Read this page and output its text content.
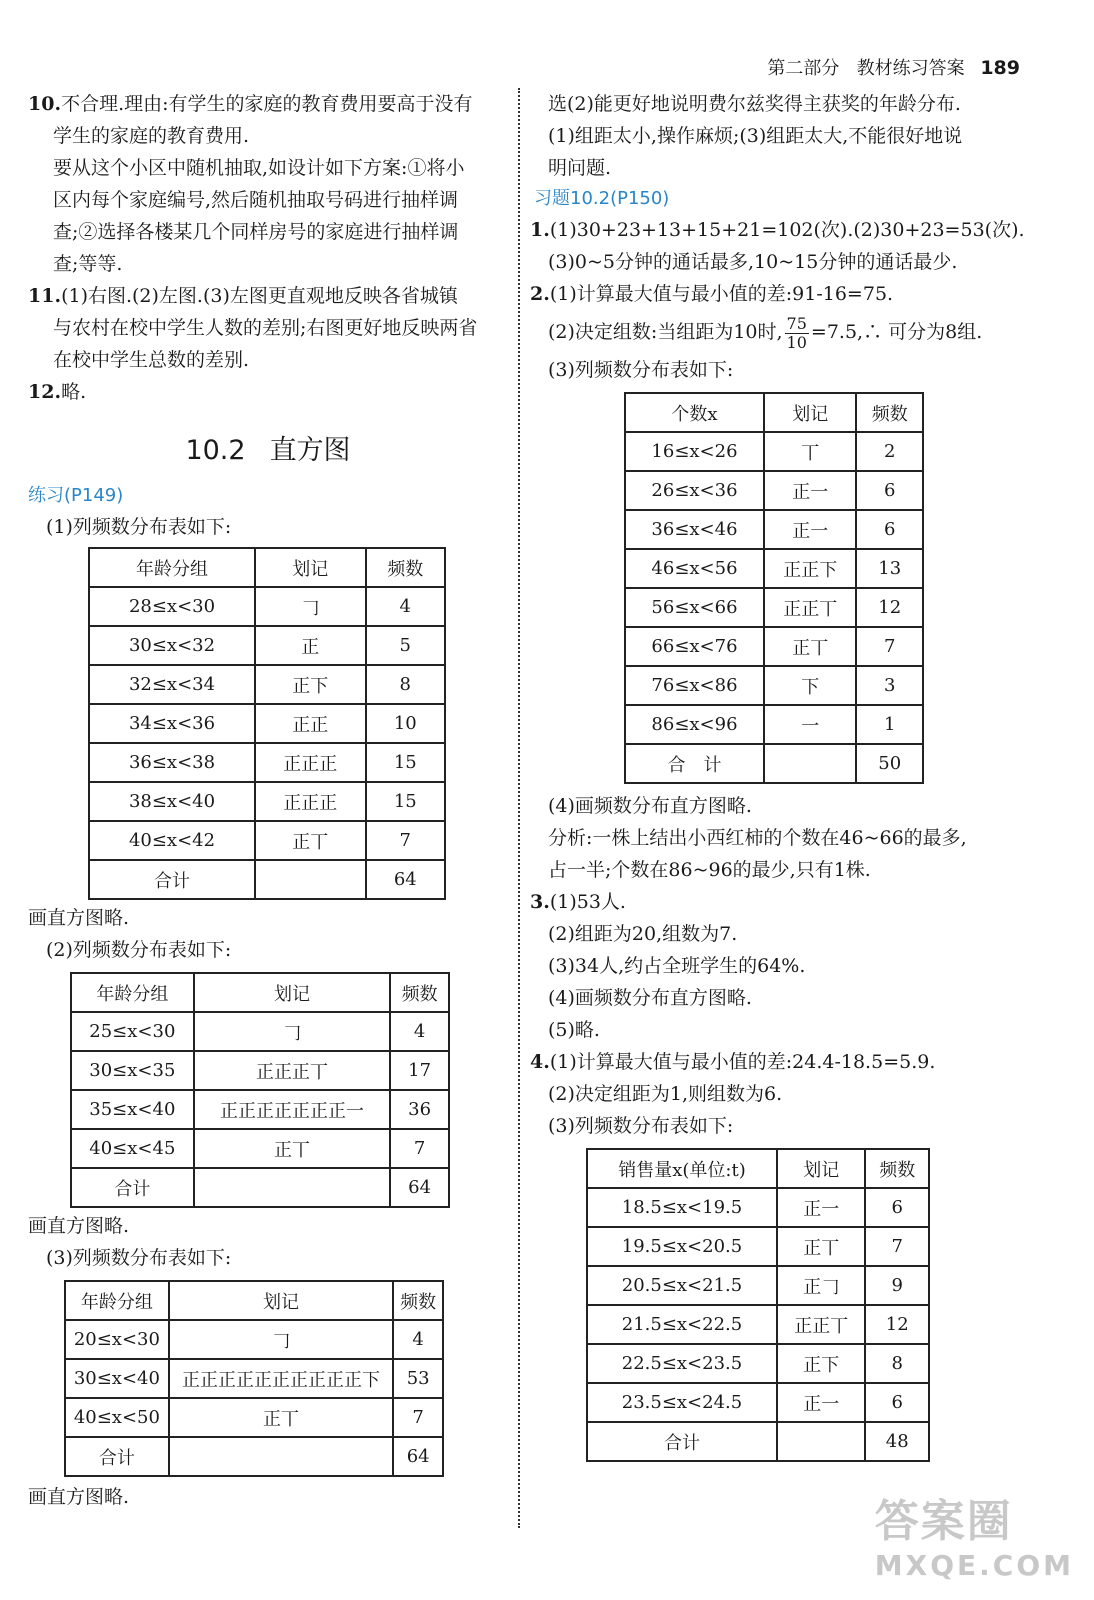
第二部分 教材练习答案 189

10.不合理.理由:有学生的家庭的教育费用要高于没有

学生的家庭的教育费用.

要从这个小区中随机抽取,如设计如下方案:①将小

区内每个家庭编号,然后随机抽取号码进行抽样调

查;②选择各楼某几个同样房号的家庭进行抽样调

查;等等.

11.(1)右图.(2)左图.(3)左图更直观地反映各省城镇

与农村在校中学生人数的差别;右图更好地反映两省

在校中学生总数的差别.

12.略.

10.2 直方图
练习(P149)

(1)列频数分布表如下:

年龄分组	划记	频数
28≤x<30	𠃌	4
30≤x<32	正	5
32≤x<34	正下	8
34≤x<36	正正	10
36≤x<38	正正正	15
38≤x<40	正正正	15
40≤x<42	正丅	7
合计		64

画直方图略.

(2)列频数分布表如下:

年龄分组	划记	频数
25≤x<30	𠃌	4
30≤x<35	正正正丅	17
35≤x<40	正正正正正正正一	36
40≤x<45	正丅	7
合计		64

画直方图略.

(3)列频数分布表如下:

年龄分组	划记	频数
20≤x<30	𠃌	4
30≤x<40	正正正正正正正正正正下	53
40≤x<50	正丅	7
合计		64

画直方图略.

选(2)能更好地说明费尔兹奖得主获奖的年龄分布.

(1)组距太小,操作麻烦;(3)组距太大,不能很好地说

明问题.

习题10.2(P150)

1.(1)30+23+13+15+21=102(次).(2)30+23=53(次).

(3)0~5分钟的通话最多,10~15分钟的通话最少.

2.(1)计算最大值与最小值的差:91-16=75.

(2)决定组数:当组距为10时, $\frac{75}{10}$ =7.5,∴ 可分为8组.

(3)列频数分布表如下:

个数x	划记	频数
16≤x<26	丅	2
26≤x<36	正一	6
36≤x<46	正一	6
46≤x<56	正正下	13
56≤x<66	正正丅	12
66≤x<76	正丅	7
76≤x<86	下	3
86≤x<96	一	1
合　计		50

(4)画频数分布直方图略.

分析:一株上结出小西红柿的个数在46~66的最多,

占一半;个数在86~96的最少,只有1株.

3.(1)53人.

(2)组距为20,组数为7.

(3)34人,约占全班学生的64%.

(4)画频数分布直方图略.

(5)略.

4.(1)计算最大值与最小值的差:24.4-18.5=5.9.

(2)决定组距为1,则组数为6.

(3)列频数分布表如下:

销售量x(单位:t)	划记	频数
18.5≤x<19.5	正一	6
19.5≤x<20.5	正丅	7
20.5≤x<21.5	正𠃌	9
21.5≤x<22.5	正正丅	12
22.5≤x<23.5	正下	8
23.5≤x<24.5	正一	6
合计		48
答案圈
MXQE.COM
